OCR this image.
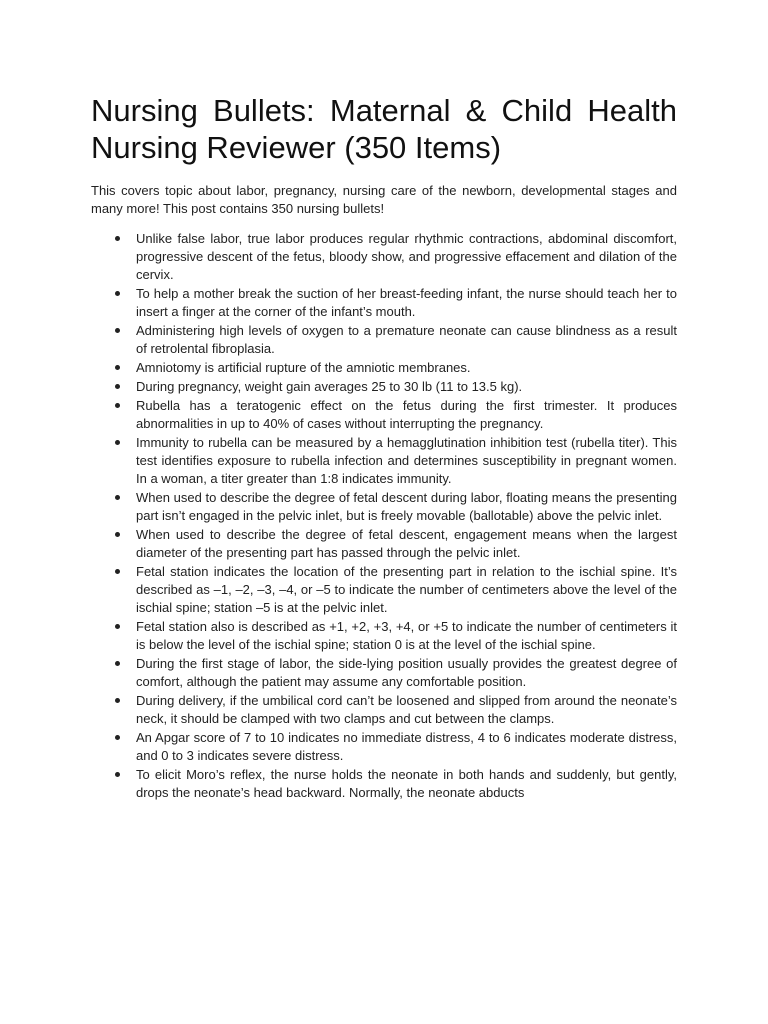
Nursing Bullets: Maternal & Child Health Nursing Reviewer (350 Items)

This covers topic about labor, pregnancy, nursing care of the newborn, developmental stages and many more! This post contains 350 nursing bullets!

Unlike false labor, true labor produces regular rhythmic contractions, abdominal discomfort, progressive descent of the fetus, bloody show, and progressive effacement and dilation of the cervix.
To help a mother break the suction of her breast-feeding infant, the nurse should teach her to insert a finger at the corner of the infant’s mouth.
Administering high levels of oxygen to a premature neonate can cause blindness as a result of retrolental fibroplasia.
Amniotomy is artificial rupture of the amniotic membranes.
During pregnancy, weight gain averages 25 to 30 lb (11 to 13.5 kg).
Rubella has a teratogenic effect on the fetus during the first trimester. It produces abnormalities in up to 40% of cases without interrupting the pregnancy.
Immunity to rubella can be measured by a hemagglutination inhibition test (rubella titer). This test identifies exposure to rubella infection and determines susceptibility in pregnant women. In a woman, a titer greater than 1:8 indicates immunity.
When used to describe the degree of fetal descent during labor, floating means the presenting part isn’t engaged in the pelvic inlet, but is freely movable (ballotable) above the pelvic inlet.
When used to describe the degree of fetal descent, engagement means when the largest diameter of the presenting part has passed through the pelvic inlet.
Fetal station indicates the location of the presenting part in relation to the ischial spine. It’s described as –1, –2, –3, –4, or –5 to indicate the number of centimeters above the level of the ischial spine; station –5 is at the pelvic inlet.
Fetal station also is described as +1, +2, +3, +4, or +5 to indicate the number of centimeters it is below the level of the ischial spine; station 0 is at the level of the ischial spine.
During the first stage of labor, the side-lying position usually provides the greatest degree of comfort, although the patient may assume any comfortable position.
During delivery, if the umbilical cord can’t be loosened and slipped from around the neonate’s neck, it should be clamped with two clamps and cut between the clamps.
An Apgar score of 7 to 10 indicates no immediate distress, 4 to 6 indicates moderate distress, and 0 to 3 indicates severe distress.
To elicit Moro’s reflex, the nurse holds the neonate in both hands and suddenly, but gently, drops the neonate’s head backward. Normally, the neonate abducts
